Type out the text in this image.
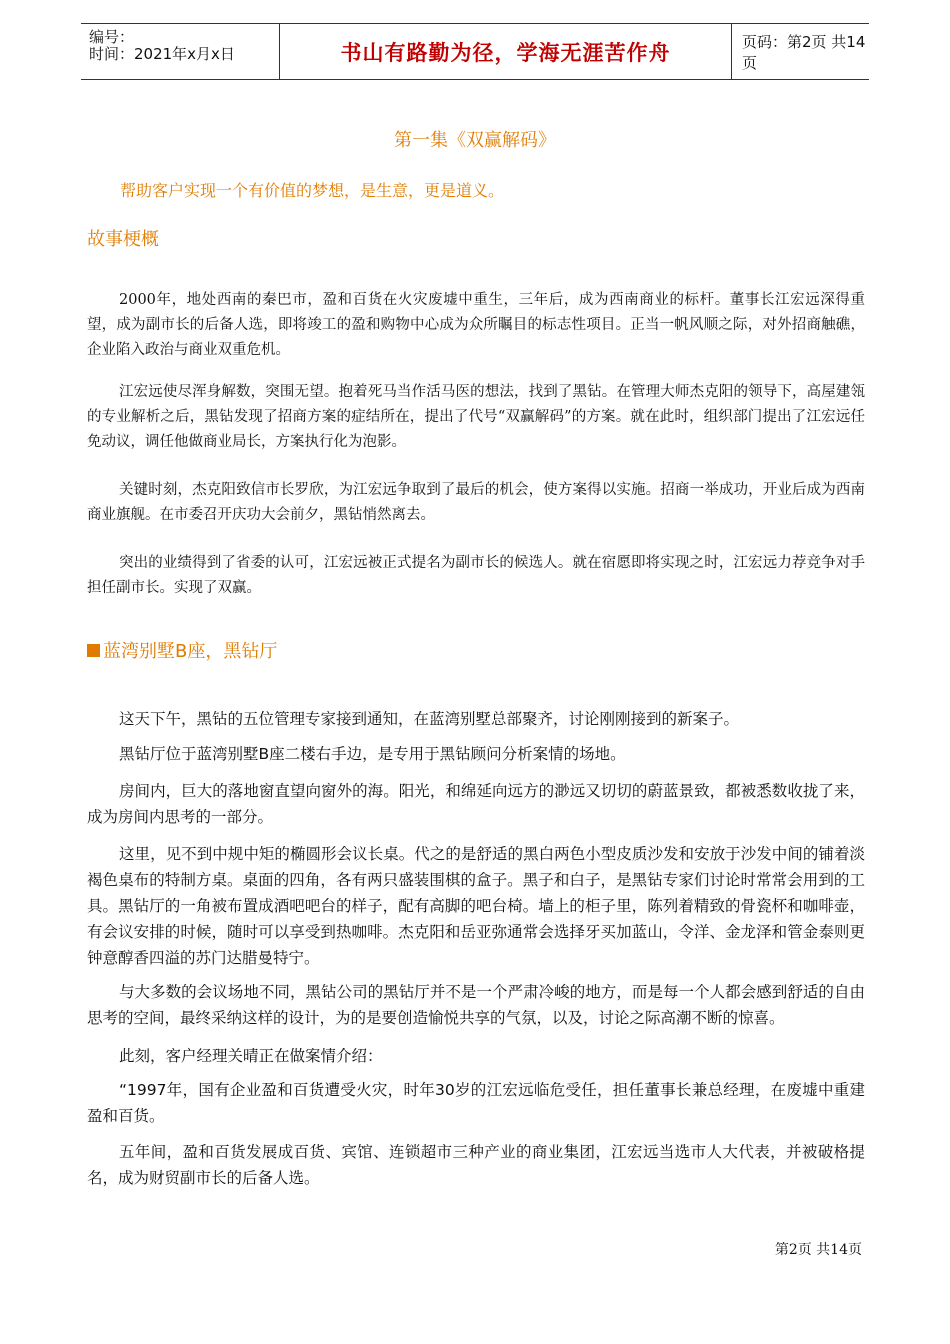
编号：
时间：2021年x月x日	书山有路勤为径，学海无涯苦作舟	页码：第2页 共14页
第一集《双赢解码》
帮助客户实现一个有价值的梦想，是生意，更是道义。
故事梗概

2000年，地处西南的秦巴市，盈和百货在火灾废墟中重生，三年后，成为西南商业的标杆。董事长江宏远深得重望，成为副市长的后备人选，即将竣工的盈和购物中心成为众所瞩目的标志性项目。正当一帆风顺之际，对外招商触礁，企业陷入政治与商业双重危机。

江宏远使尽浑身解数，突围无望。抱着死马当作活马医的想法，找到了黑钻。在管理大师杰克阳的领导下，高屋建瓴的专业解析之后，黑钻发现了招商方案的症结所在，提出了代号“双赢解码”的方案。就在此时，组织部门提出了江宏远任免动议，调任他做商业局长，方案执行化为泡影。

关键时刻，杰克阳致信市长罗欣，为江宏远争取到了最后的机会，使方案得以实施。招商一举成功，开业后成为西南商业旗舰。在市委召开庆功大会前夕，黑钻悄然离去。

突出的业绩得到了省委的认可，江宏远被正式提名为副市长的候选人。就在宿愿即将实现之时，江宏远力荐竞争对手担任副市长。实现了双赢。

蓝湾别墅B座，黑钻厅

这天下午，黑钻的五位管理专家接到通知，在蓝湾别墅总部聚齐，讨论刚刚接到的新案子。

黑钻厅位于蓝湾别墅B座二楼右手边，是专用于黑钻顾问分析案情的场地。

房间内，巨大的落地窗直望向窗外的海。阳光，和绵延向远方的渺远又切切的蔚蓝景致，都被悉数收拢了来，成为房间内思考的一部分。

这里，见不到中规中矩的椭圆形会议长桌。代之的是舒适的黑白两色小型皮质沙发和安放于沙发中间的铺着淡褐色桌布的特制方桌。桌面的四角，各有两只盛装围棋的盒子。黑子和白子，是黑钻专家们讨论时常常会用到的工具。黑钻厅的一角被布置成酒吧吧台的样子，配有高脚的吧台椅。墙上的柜子里，陈列着精致的骨瓷杯和咖啡壶，有会议安排的时候，随时可以享受到热咖啡。杰克阳和岳亚弥通常会选择牙买加蓝山，令洋、金龙泽和管金泰则更钟意醇香四溢的苏门达腊曼特宁。

与大多数的会议场地不同，黑钻公司的黑钻厅并不是一个严肃冷峻的地方，而是每一个人都会感到舒适的自由思考的空间，最终采纳这样的设计，为的是要创造愉悦共享的气氛，以及，讨论之际高潮不断的惊喜。

此刻，客户经理关晴正在做案情介绍：

“1997年，国有企业盈和百货遭受火灾，时年30岁的江宏远临危受任，担任董事长兼总经理，在废墟中重建盈和百货。

五年间，盈和百货发展成百货、宾馆、连锁超市三种产业的商业集团，江宏远当选市人大代表，并被破格提名，成为财贸副市长的后备人选。

第2页 共14页
